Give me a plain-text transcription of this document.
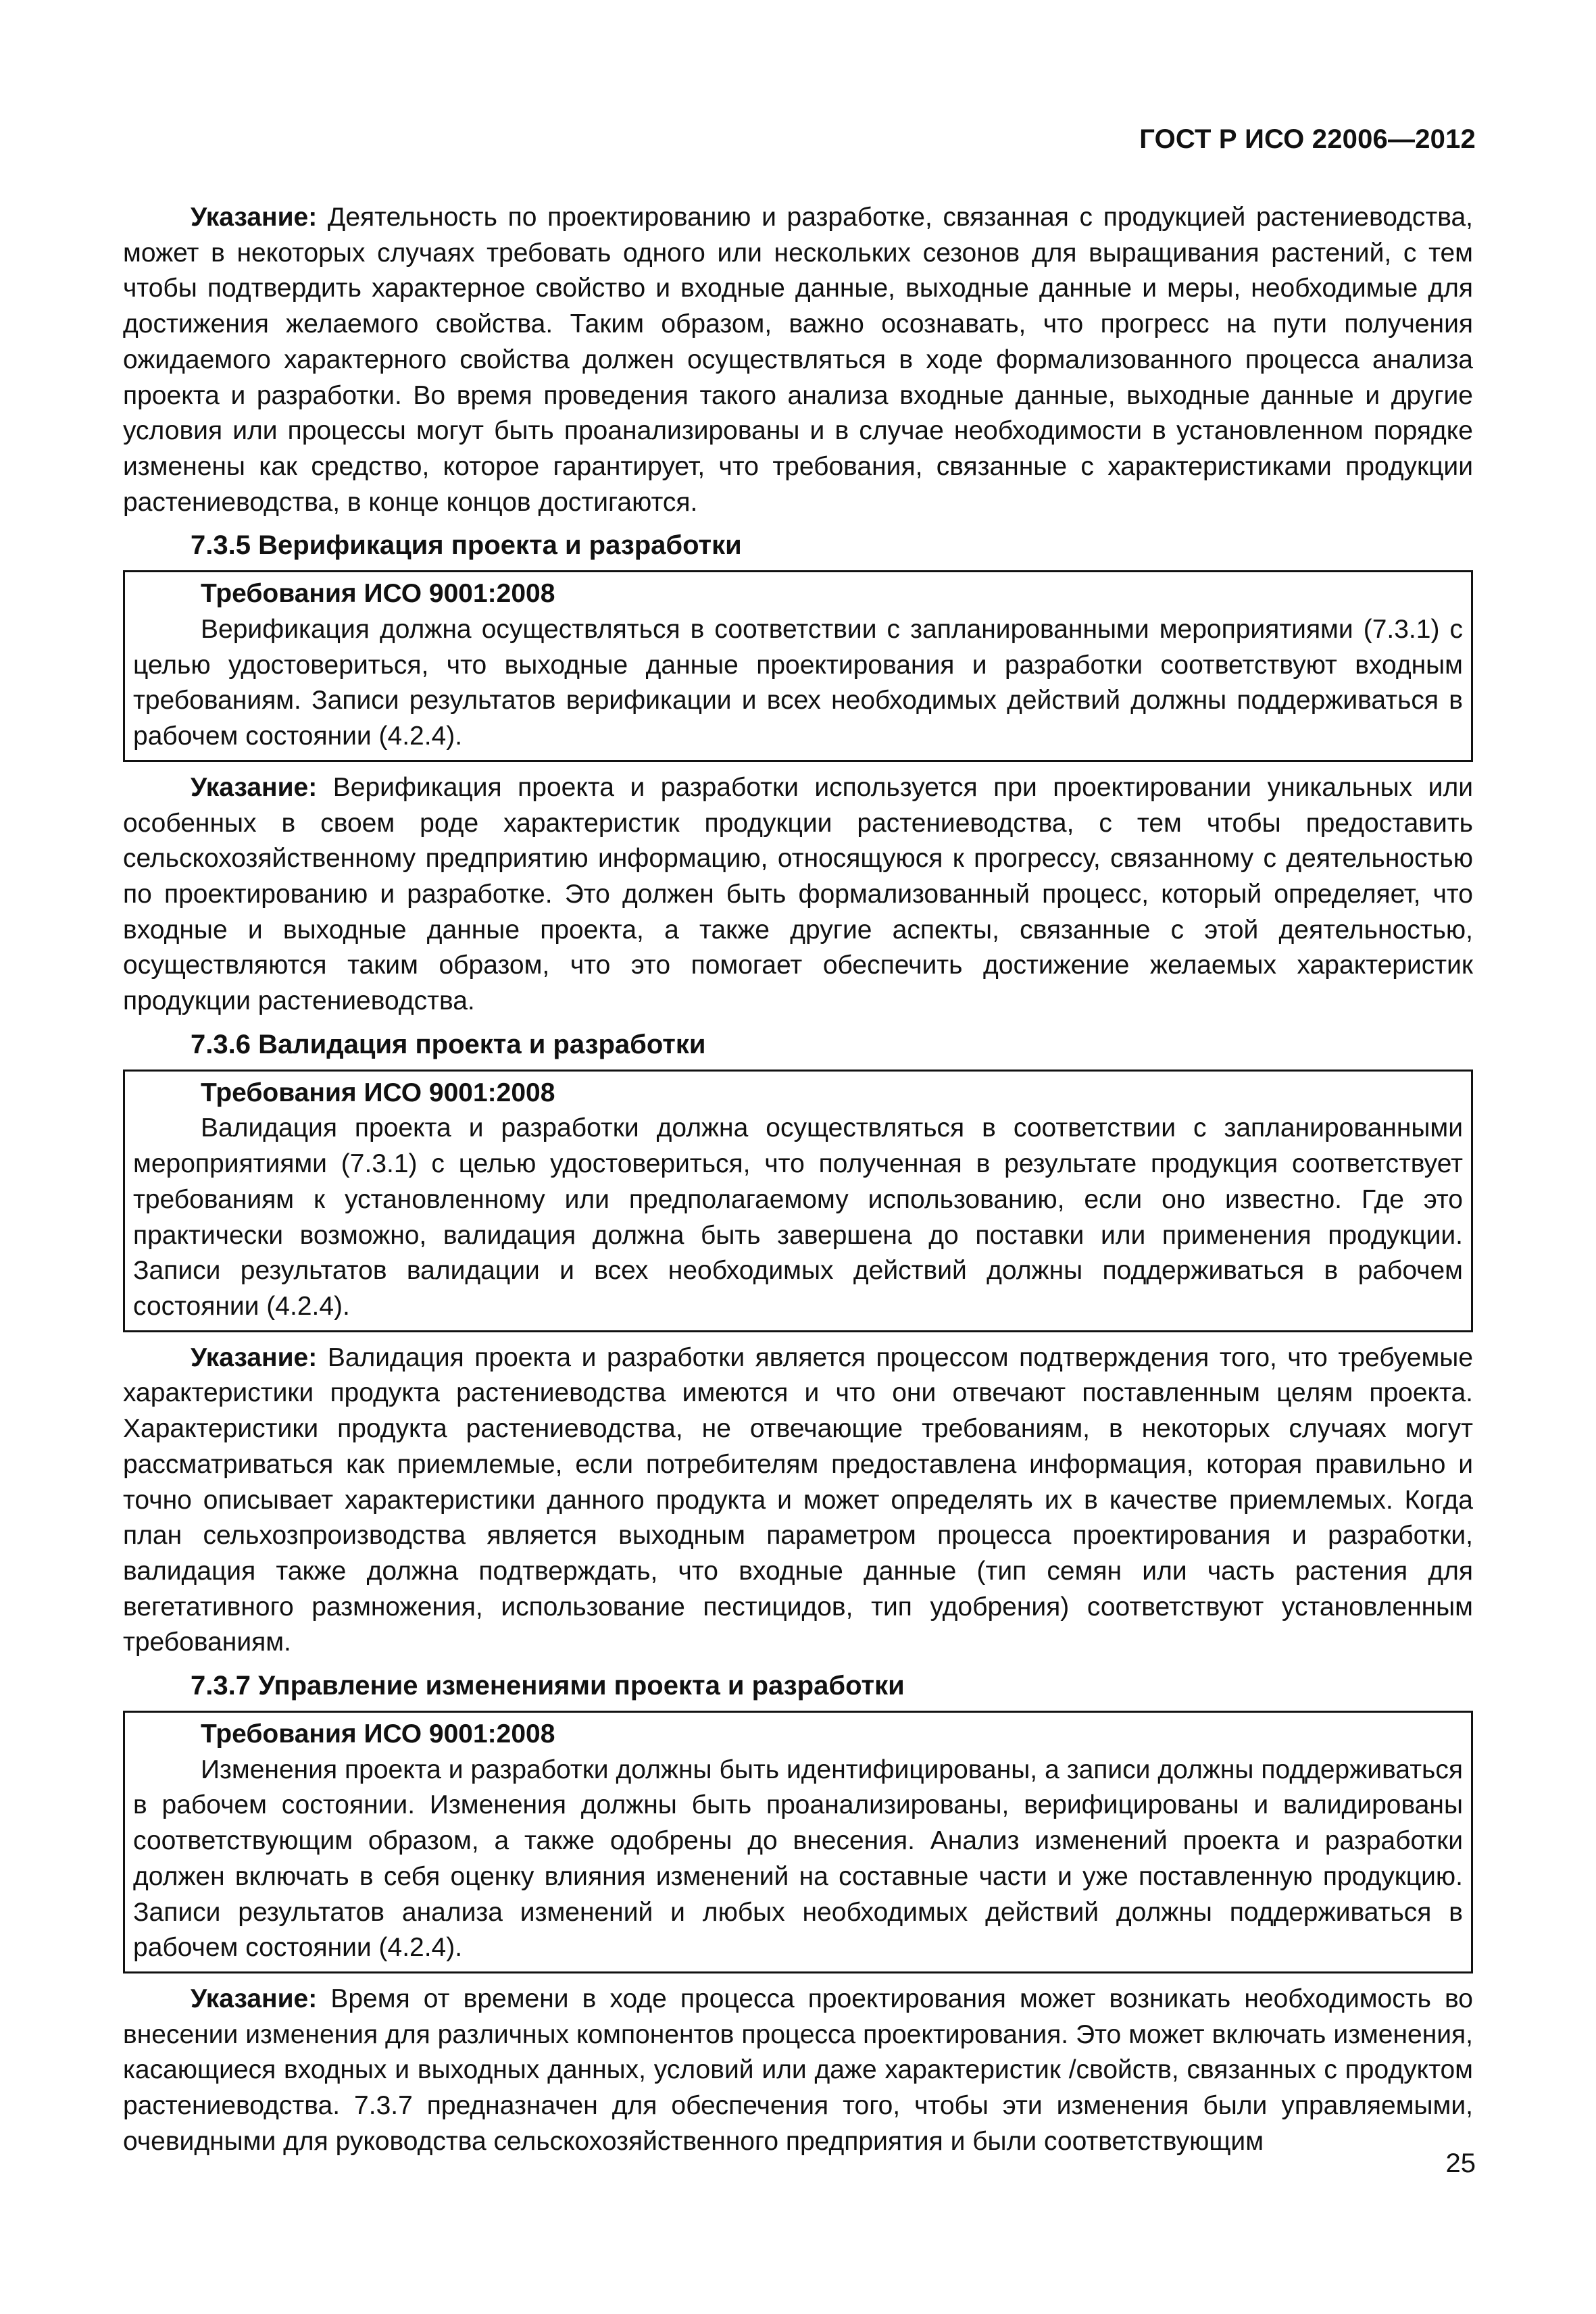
ГОСТ Р ИСО 22006—2012

Указание: Деятельность по проектированию и разработке, связанная с продукцией растениеводства, может в некоторых случаях требовать одного или нескольких сезонов для выращивания растений, с тем чтобы подтвердить характерное свойство и входные данные, выходные данные и меры, необходимые для достижения желаемого свойства. Таким образом, важно осознавать, что прогресс на пути получения ожидаемого характерного свойства должен осуществляться в ходе формализованного процесса анализа проекта и разработки. Во время проведения такого анализа входные данные, выходные данные и другие условия или процессы могут быть проанализированы и в случае необходимости в установленном порядке изменены как средство, которое гарантирует, что требования, связанные с характеристиками продукции растениеводства, в конце концов достигаются.

7.3.5 Верификация проекта и разработки
Требования ИСО 9001:2008

Верификация должна осуществляться в соответствии с запланированными мероприятиями (7.3.1) с целью удостовериться, что выходные данные проектирования и разработки соответствуют входным требованиям. Записи результатов верификации и всех необходимых действий должны поддерживаться в рабочем состоянии (4.2.4).

Указание: Верификация проекта и разработки используется при проектировании уникальных или особенных в своем роде характеристик продукции растениеводства, с тем чтобы предоставить сельскохозяйственному предприятию информацию, относящуюся к прогрессу, связанному с деятельностью по проектированию и разработке. Это должен быть формализованный процесс, который определяет, что входные и выходные данные проекта, а также другие аспекты, связанные с этой деятельностью, осуществляются таким образом, что это помогает обеспечить достижение желаемых характеристик продукции растениеводства.

7.3.6 Валидация проекта и разработки
Требования ИСО 9001:2008

Валидация проекта и разработки должна осуществляться в соответствии с запланированными мероприятиями (7.3.1) с целью удостовериться, что полученная в результате продукция соответствует требованиям к установленному или предполагаемому использованию, если оно известно. Где это практически возможно, валидация должна быть завершена до поставки или применения продукции. Записи результатов валидации и всех необходимых действий должны поддерживаться в рабочем состоянии (4.2.4).

Указание: Валидация проекта и разработки является процессом подтверждения того, что требуемые характеристики продукта растениеводства имеются и что они отвечают поставленным целям проекта. Характеристики продукта растениеводства, не отвечающие требованиям, в некоторых случаях могут рассматриваться как приемлемые, если потребителям предоставлена информация, которая правильно и точно описывает характеристики данного продукта и может определять их в качестве приемлемых. Когда план сельхозпроизводства является выходным параметром процесса проектирования и разработки, валидация также должна подтверждать, что входные данные (тип семян или часть растения для вегетативного размножения, использование пестицидов, тип удобрения) соответствуют установленным требованиям.

7.3.7 Управление изменениями проекта и разработки
Требования ИСО 9001:2008

Изменения проекта и разработки должны быть идентифицированы, а записи должны поддерживаться в рабочем состоянии. Изменения должны быть проанализированы, верифицированы и валидированы соответствующим образом, а также одобрены до внесения. Анализ изменений проекта и разработки должен включать в себя оценку влияния изменений на составные части и уже поставленную продукцию. Записи результатов анализа изменений и любых необходимых действий должны поддерживаться в рабочем состоянии (4.2.4).

Указание: Время от времени в ходе процесса проектирования может возникать необходимость во внесении изменения для различных компонентов процесса проектирования. Это может включать изменения, касающиеся входных и выходных данных, условий или даже характеристик /свойств, связанных с продуктом растениеводства. 7.3.7 предназначен для обеспечения того, чтобы эти изменения были управляемыми, очевидными для руководства сельскохозяйственного предприятия и были соответствующим

25
